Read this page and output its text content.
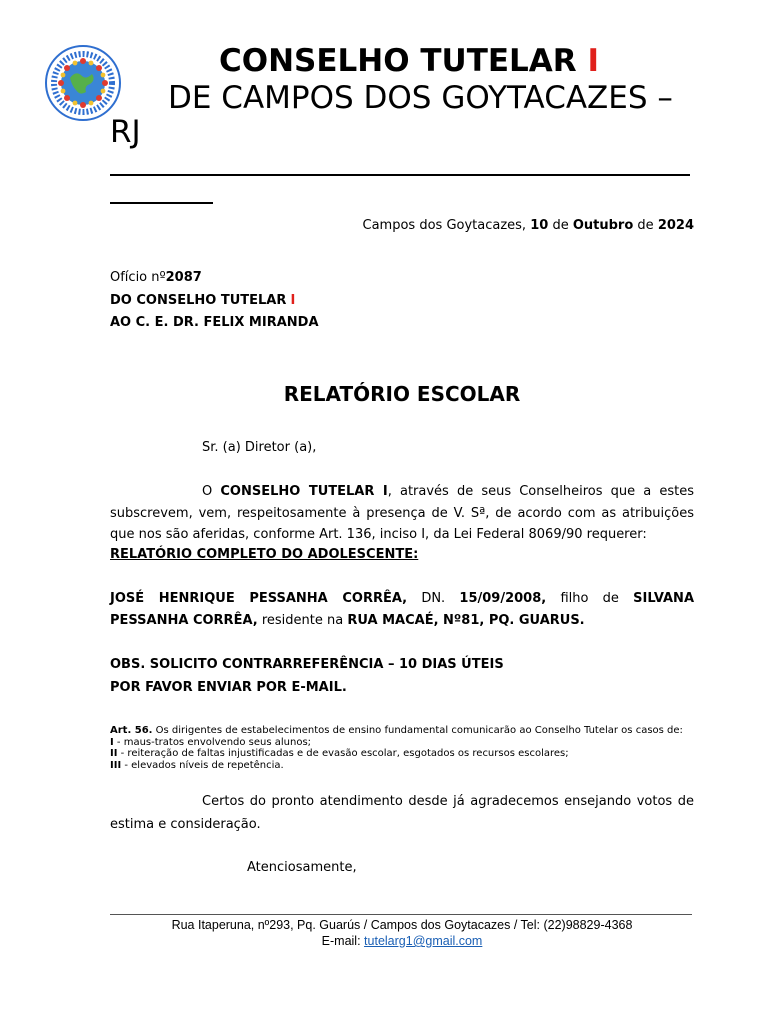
CONSELHO TUTELAR I
DE CAMPOS DOS GOYTACAZES –
RJ
Campos dos Goytacazes, 10 de Outubro de 2024
Ofício nº2087
DO CONSELHO TUTELAR I
AO C. E. DR. FELIX MIRANDA
RELATÓRIO ESCOLAR
Sr. (a) Diretor (a),
O CONSELHO TUTELAR I, através de seus Conselheiros que a estes subscrevem, vem, respeitosamente à presença de V. Sª, de acordo com as atribuições que nos são aferidas, conforme Art. 136, inciso I, da Lei Federal 8069/90 requerer:
RELATÓRIO COMPLETO DO ADOLESCENTE:
JOSÉ HENRIQUE PESSANHA CORRÊA, DN. 15/09/2008, filho de SILVANA PESSANHA CORRÊA, residente na RUA MACAÉ, Nº81, PQ. GUARUS.
OBS. SOLICITO CONTRARREFERÊNCIA – 10 DIAS ÚTEIS
POR FAVOR ENVIAR POR E-MAIL.
Art. 56. Os dirigentes de estabelecimentos de ensino fundamental comunicarão ao Conselho Tutelar os casos de:
I - maus-tratos envolvendo seus alunos;
II - reiteração de faltas injustificadas e de evasão escolar, esgotados os recursos escolares;
III - elevados níveis de repetência.
Certos do pronto atendimento desde já agradecemos ensejando votos de estima e consideração.
Atenciosamente,
Rua Itaperuna, nº293, Pq. Guarús / Campos dos Goytacazes / Tel: (22)98829-4368
E-mail: tutelarg1@gmail.com
